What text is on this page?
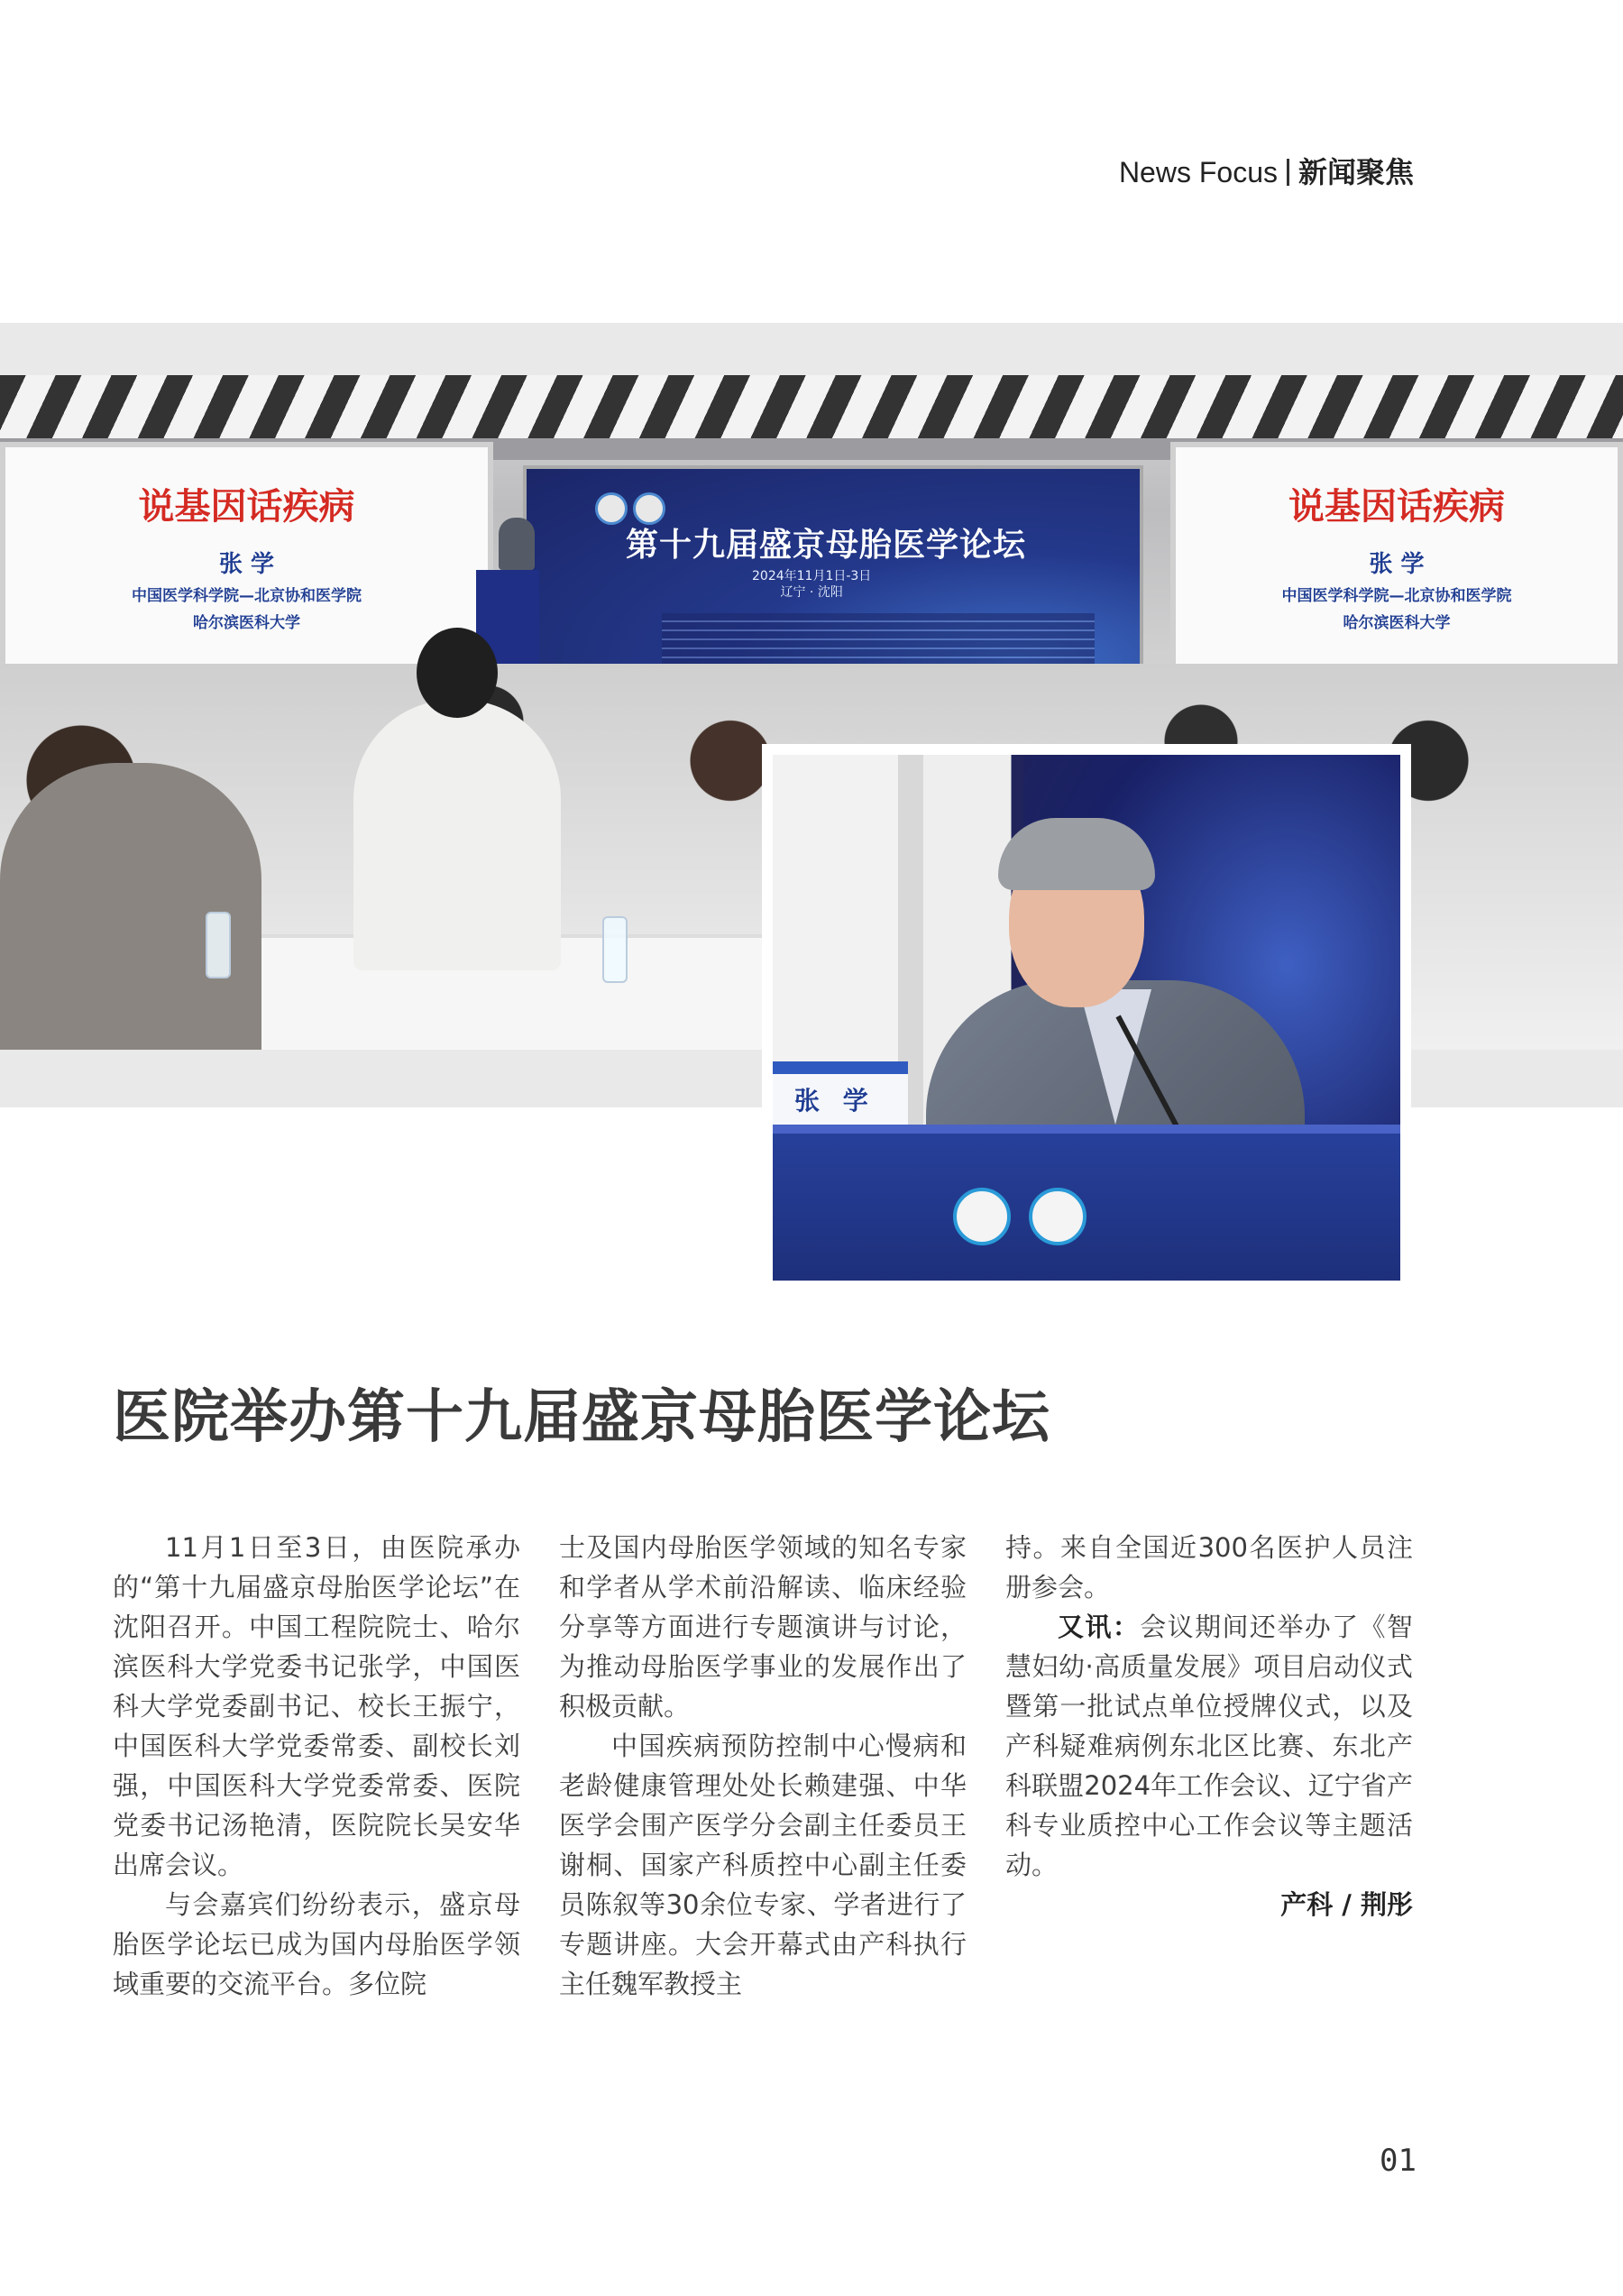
News Focus 新闻聚焦
说基因话疾病
张 学
中国医学科学院—北京协和医学院
哈尔滨医科大学
第十九届盛京母胎医学论坛
2024年11月1日-3日
辽宁 · 沈阳
说基因话疾病
张 学
中国医学科学院—北京协和医学院
哈尔滨医科大学
张 学
医院举办第十九届盛京母胎医学论坛

11月1日至3日，由医院承办的“第十九届盛京母胎医学论坛”在沈阳召开。中国工程院院士、哈尔滨医科大学党委书记张学，中国医科大学党委副书记、校长王振宁，中国医科大学党委常委、副校长刘强，中国医科大学党委常委、医院党委书记汤艳清，医院院长吴安华出席会议。

与会嘉宾们纷纷表示，盛京母胎医学论坛已成为国内母胎医学领域重要的交流平台。多位院

士及国内母胎医学领域的知名专家和学者从学术前沿解读、临床经验分享等方面进行专题演讲与讨论，为推动母胎医学事业的发展作出了积极贡献。

中国疾病预防控制中心慢病和老龄健康管理处处长赖建强、中华医学会围产医学分会副主任委员王谢桐、国家产科质控中心副主任委员陈叙等30余位专家、学者进行了专题讲座。大会开幕式由产科执行主任魏军教授主

持。来自全国近300名医护人员注册参会。

又讯：会议期间还举办了《智慧妇幼·高质量发展》项目启动仪式暨第一批试点单位授牌仪式，以及产科疑难病例东北区比赛、东北产科联盟2024年工作会议、辽宁省产科专业质控中心工作会议等主题活动。

产科 / 荆彤

01
